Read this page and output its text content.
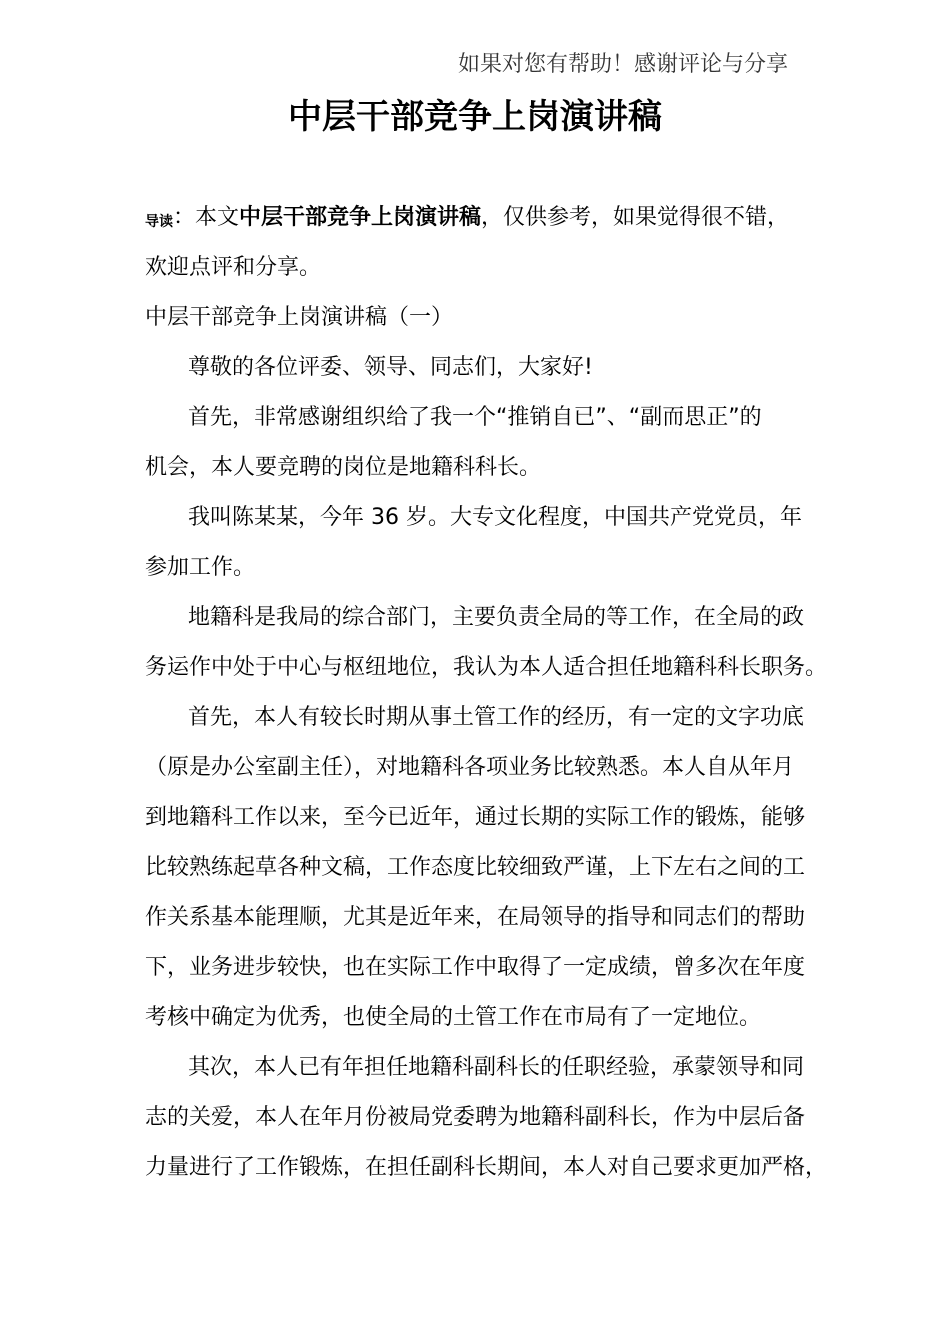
如果对您有帮助！感谢评论与分享
中层干部竞争上岗演讲稿
导读：本文中层干部竞争上岗演讲稿，仅供参考，如果觉得很不错，
欢迎点评和分享。
中层干部竞争上岗演讲稿（一）
尊敬的各位评委、领导、同志们，大家好!
首先，非常感谢组织给了我一个“推销自已”、“副而思正”的
机会，本人要竞聘的岗位是地籍科科长。
我叫陈某某，今年 36 岁。大专文化程度，中国共产党党员，年
参加工作。
地籍科是我局的综合部门，主要负责全局的等工作，在全局的政
务运作中处于中心与枢纽地位，我认为本人适合担任地籍科科长职务。
首先，本人有较长时期从事土管工作的经历，有一定的文字功底
（原是办公室副主任），对地籍科各项业务比较熟悉。本人自从年月
到地籍科工作以来，至今已近年，通过长期的实际工作的锻炼，能够
比较熟练起草各种文稿，工作态度比较细致严谨，上下左右之间的工
作关系基本能理顺，尤其是近年来，在局领导的指导和同志们的帮助
下，业务进步较快，也在实际工作中取得了一定成绩，曾多次在年度
考核中确定为优秀，也使全局的土管工作在市局有了一定地位。
其次，本人已有年担任地籍科副科长的任职经验，承蒙领导和同
志的关爱，本人在年月份被局党委聘为地籍科副科长，作为中层后备
力量进行了工作锻炼，在担任副科长期间，本人对自己要求更加严格，
